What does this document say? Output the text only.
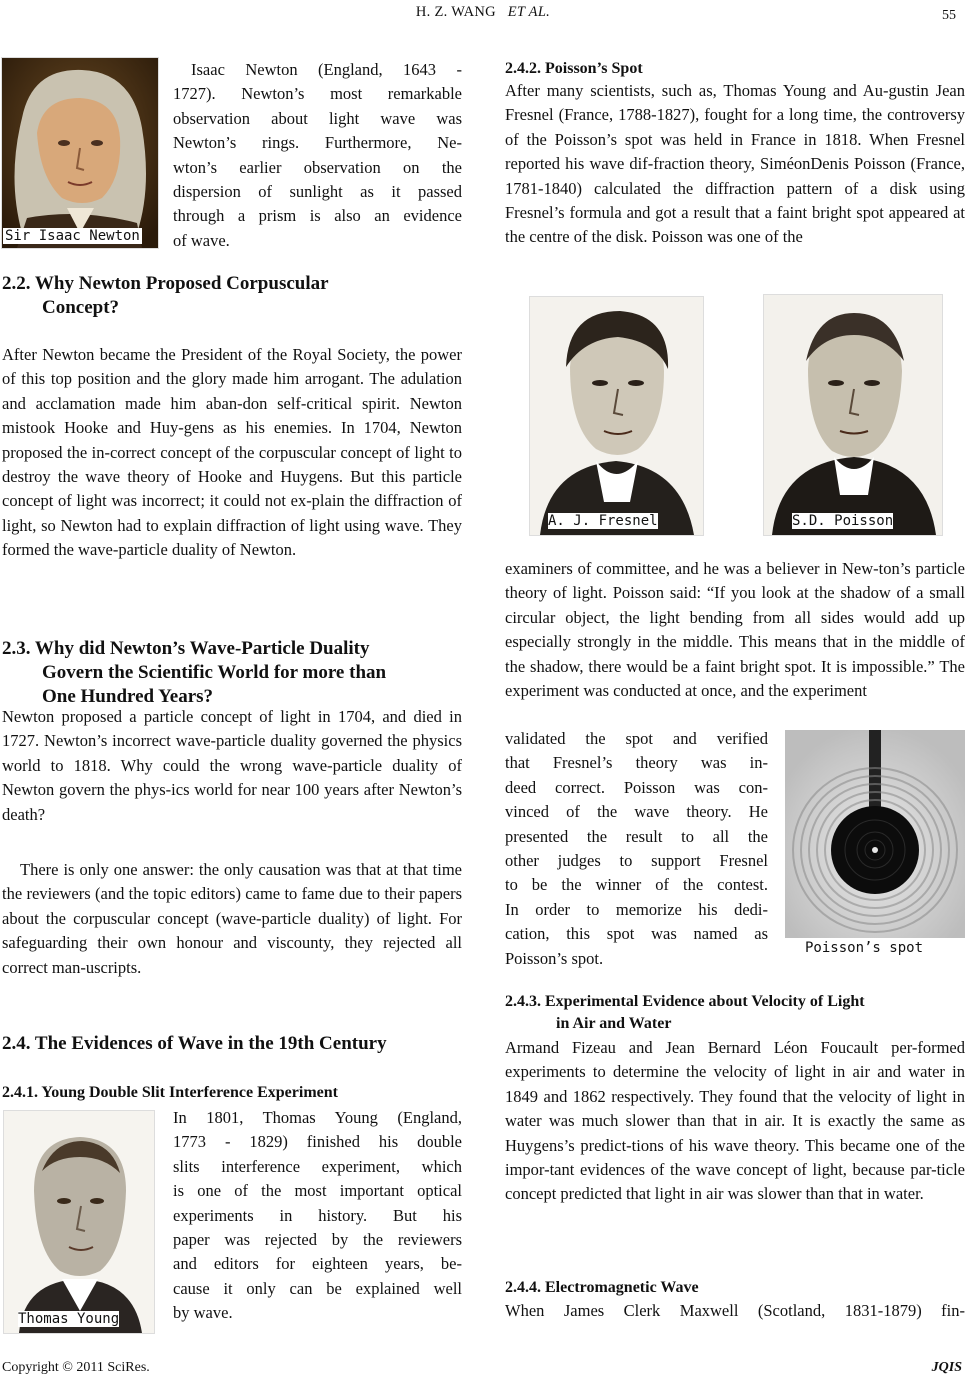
H. Z. WANG ET AL.	55
Sir Isaac Newton
Isaac Newton (England, 1643 -
1727). Newton’s most remarkable
observation about light wave was
Newton’s rings. Furthermore, Ne-
wton’s earlier observation on the
dispersion of sunlight as it passed
through a prism is also an evidence
of wave.
2.2. Why Newton Proposed Corpuscular
Concept?
After Newton became the President of the Royal Society, the power of this top position and the glory made him arrogant. The adulation and acclamation made him aban-don self-critical spirit. Newton mistook Hooke and Huy-gens as his enemies. In 1704, Newton proposed the in-correct concept of the corpuscular concept of light to destroy the wave theory of Hooke and Huygens. But this particle concept of light was incorrect; it could not ex-plain the diffraction of light, so Newton had to explain diffraction of light using wave. They formed the wave-particle duality of Newton.
2.3. Why did Newton’s Wave-Particle Duality
Govern the Scientific World for more than
One Hundred Years?
Newton proposed a particle concept of light in 1704, and died in 1727. Newton’s incorrect wave-particle duality governed the physics world to 1818. Why could the wrong wave-particle duality of Newton govern the phys-ics world for near 100 years after Newton’s death?
There is only one answer: the only causation was that at that time the reviewers (and the topic editors) came to fame due to their papers about the corpuscular concept (wave-particle duality) of light. For safeguarding their own honour and viscounty, they rejected all correct man-uscripts.
2.4. The Evidences of Wave in the 19th Century
2.4.1. Young Double Slit Interference Experiment
Thomas Young
In 1801, Thomas Young (England,
1773 - 1829) finished his double
slits interference experiment, which
is one of the most important optical
experiments in history. But his
paper was rejected by the reviewers
and editors for eighteen years, be-
cause it only can be explained well
by wave.
2.4.2. Poisson’s Spot
After many scientists, such as, Thomas Young and Au-gustin Jean Fresnel (France, 1788-1827), fought for a long time, the controversy of the Poisson’s spot was held in France in 1818. When Fresnel reported his wave dif-fraction theory, SiméonDenis Poisson (France, 1781-1840) calculated the diffraction pattern of a disk using Fresnel’s formula and got a result that a faint bright spot appeared at the centre of the disk. Poisson was one of the
A. J. Fresnel	S.D. Poisson
examiners of committee, and he was a believer in New-ton’s particle theory of light. Poisson said: “If you look at the shadow of a small circular object, the light bending from all sides would add up especially strongly in the middle. This means that in the middle of the shadow, there would be a faint bright spot. It is impossible.” The experiment was conducted at once, and the experiment
Poisson’s spot
validated the spot and verified
that Fresnel’s theory was in-
deed correct. Poisson was con-
vinced of the wave theory. He
presented the result to all the
other judges to support Fresnel
to be the winner of the contest.
In order to memorize his dedi-
cation, this spot was named as
Poisson’s spot.
2.4.3. Experimental Evidence about Velocity of Light
in Air and Water
Armand Fizeau and Jean Bernard Léon Foucault per-formed experiments to determine the velocity of light in air and water in 1849 and 1862 respectively. They found that the velocity of light in water was much slower than that in air. It is exactly the same as Huygens’s predict-tions of his wave theory. This became one of the impor-tant evidences of the wave concept of light, because par-ticle concept predicted that light in air was slower than that in water.
2.4.4. Electromagnetic Wave
When James Clerk Maxwell (Scotland, 1831-1879) fin-
Copyright © 2011 SciRes.	JQIS
